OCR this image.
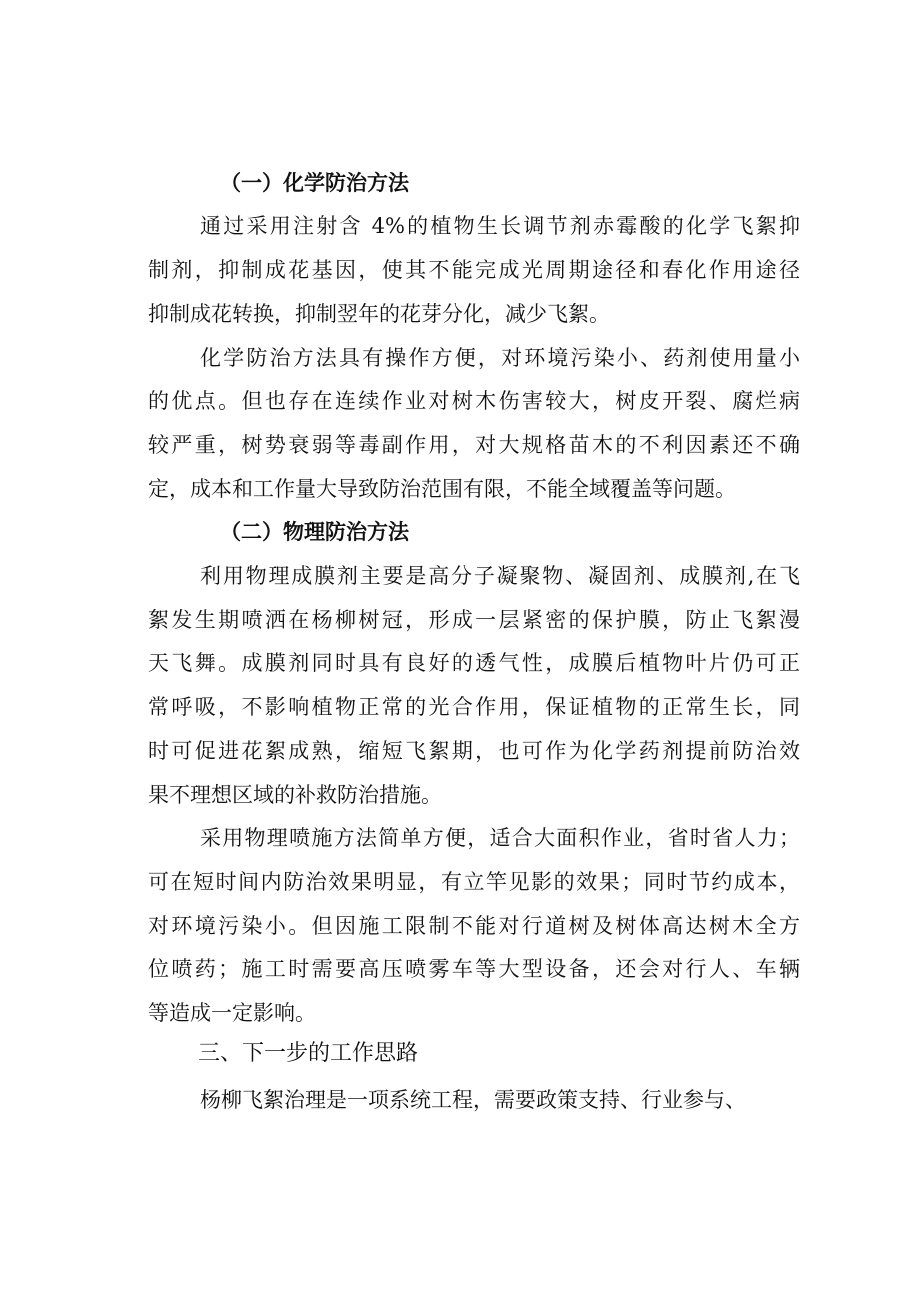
（一）化学防治方法
通过采用注射含 4%的植物生长调节剂赤霉酸的化学飞絮抑
制剂，抑制成花基因，使其不能完成光周期途径和春化作用途径
抑制成花转换，抑制翌年的花芽分化，减少飞絮。
化学防治方法具有操作方便，对环境污染小、药剂使用量小
的优点。但也存在连续作业对树木伤害较大，树皮开裂、腐烂病
较严重，树势衰弱等毒副作用，对大规格苗木的不利因素还不确
定，成本和工作量大导致防治范围有限，不能全域覆盖等问题。
（二）物理防治方法
利用物理成膜剂主要是高分子凝聚物、凝固剂、成膜剂,在飞
絮发生期喷洒在杨柳树冠，形成一层紧密的保护膜，防止飞絮漫
天飞舞。成膜剂同时具有良好的透气性，成膜后植物叶片仍可正
常呼吸，不影响植物正常的光合作用，保证植物的正常生长，同
时可促进花絮成熟，缩短飞絮期，也可作为化学药剂提前防治效
果不理想区域的补救防治措施。
采用物理喷施方法简单方便，适合大面积作业，省时省人力；
可在短时间内防治效果明显，有立竿见影的效果；同时节约成本，
对环境污染小。但因施工限制不能对行道树及树体高达树木全方
位喷药；施工时需要高压喷雾车等大型设备，还会对行人、车辆
等造成一定影响。
三、下一步的工作思路
杨柳飞絮治理是一项系统工程，需要政策支持、行业参与、
